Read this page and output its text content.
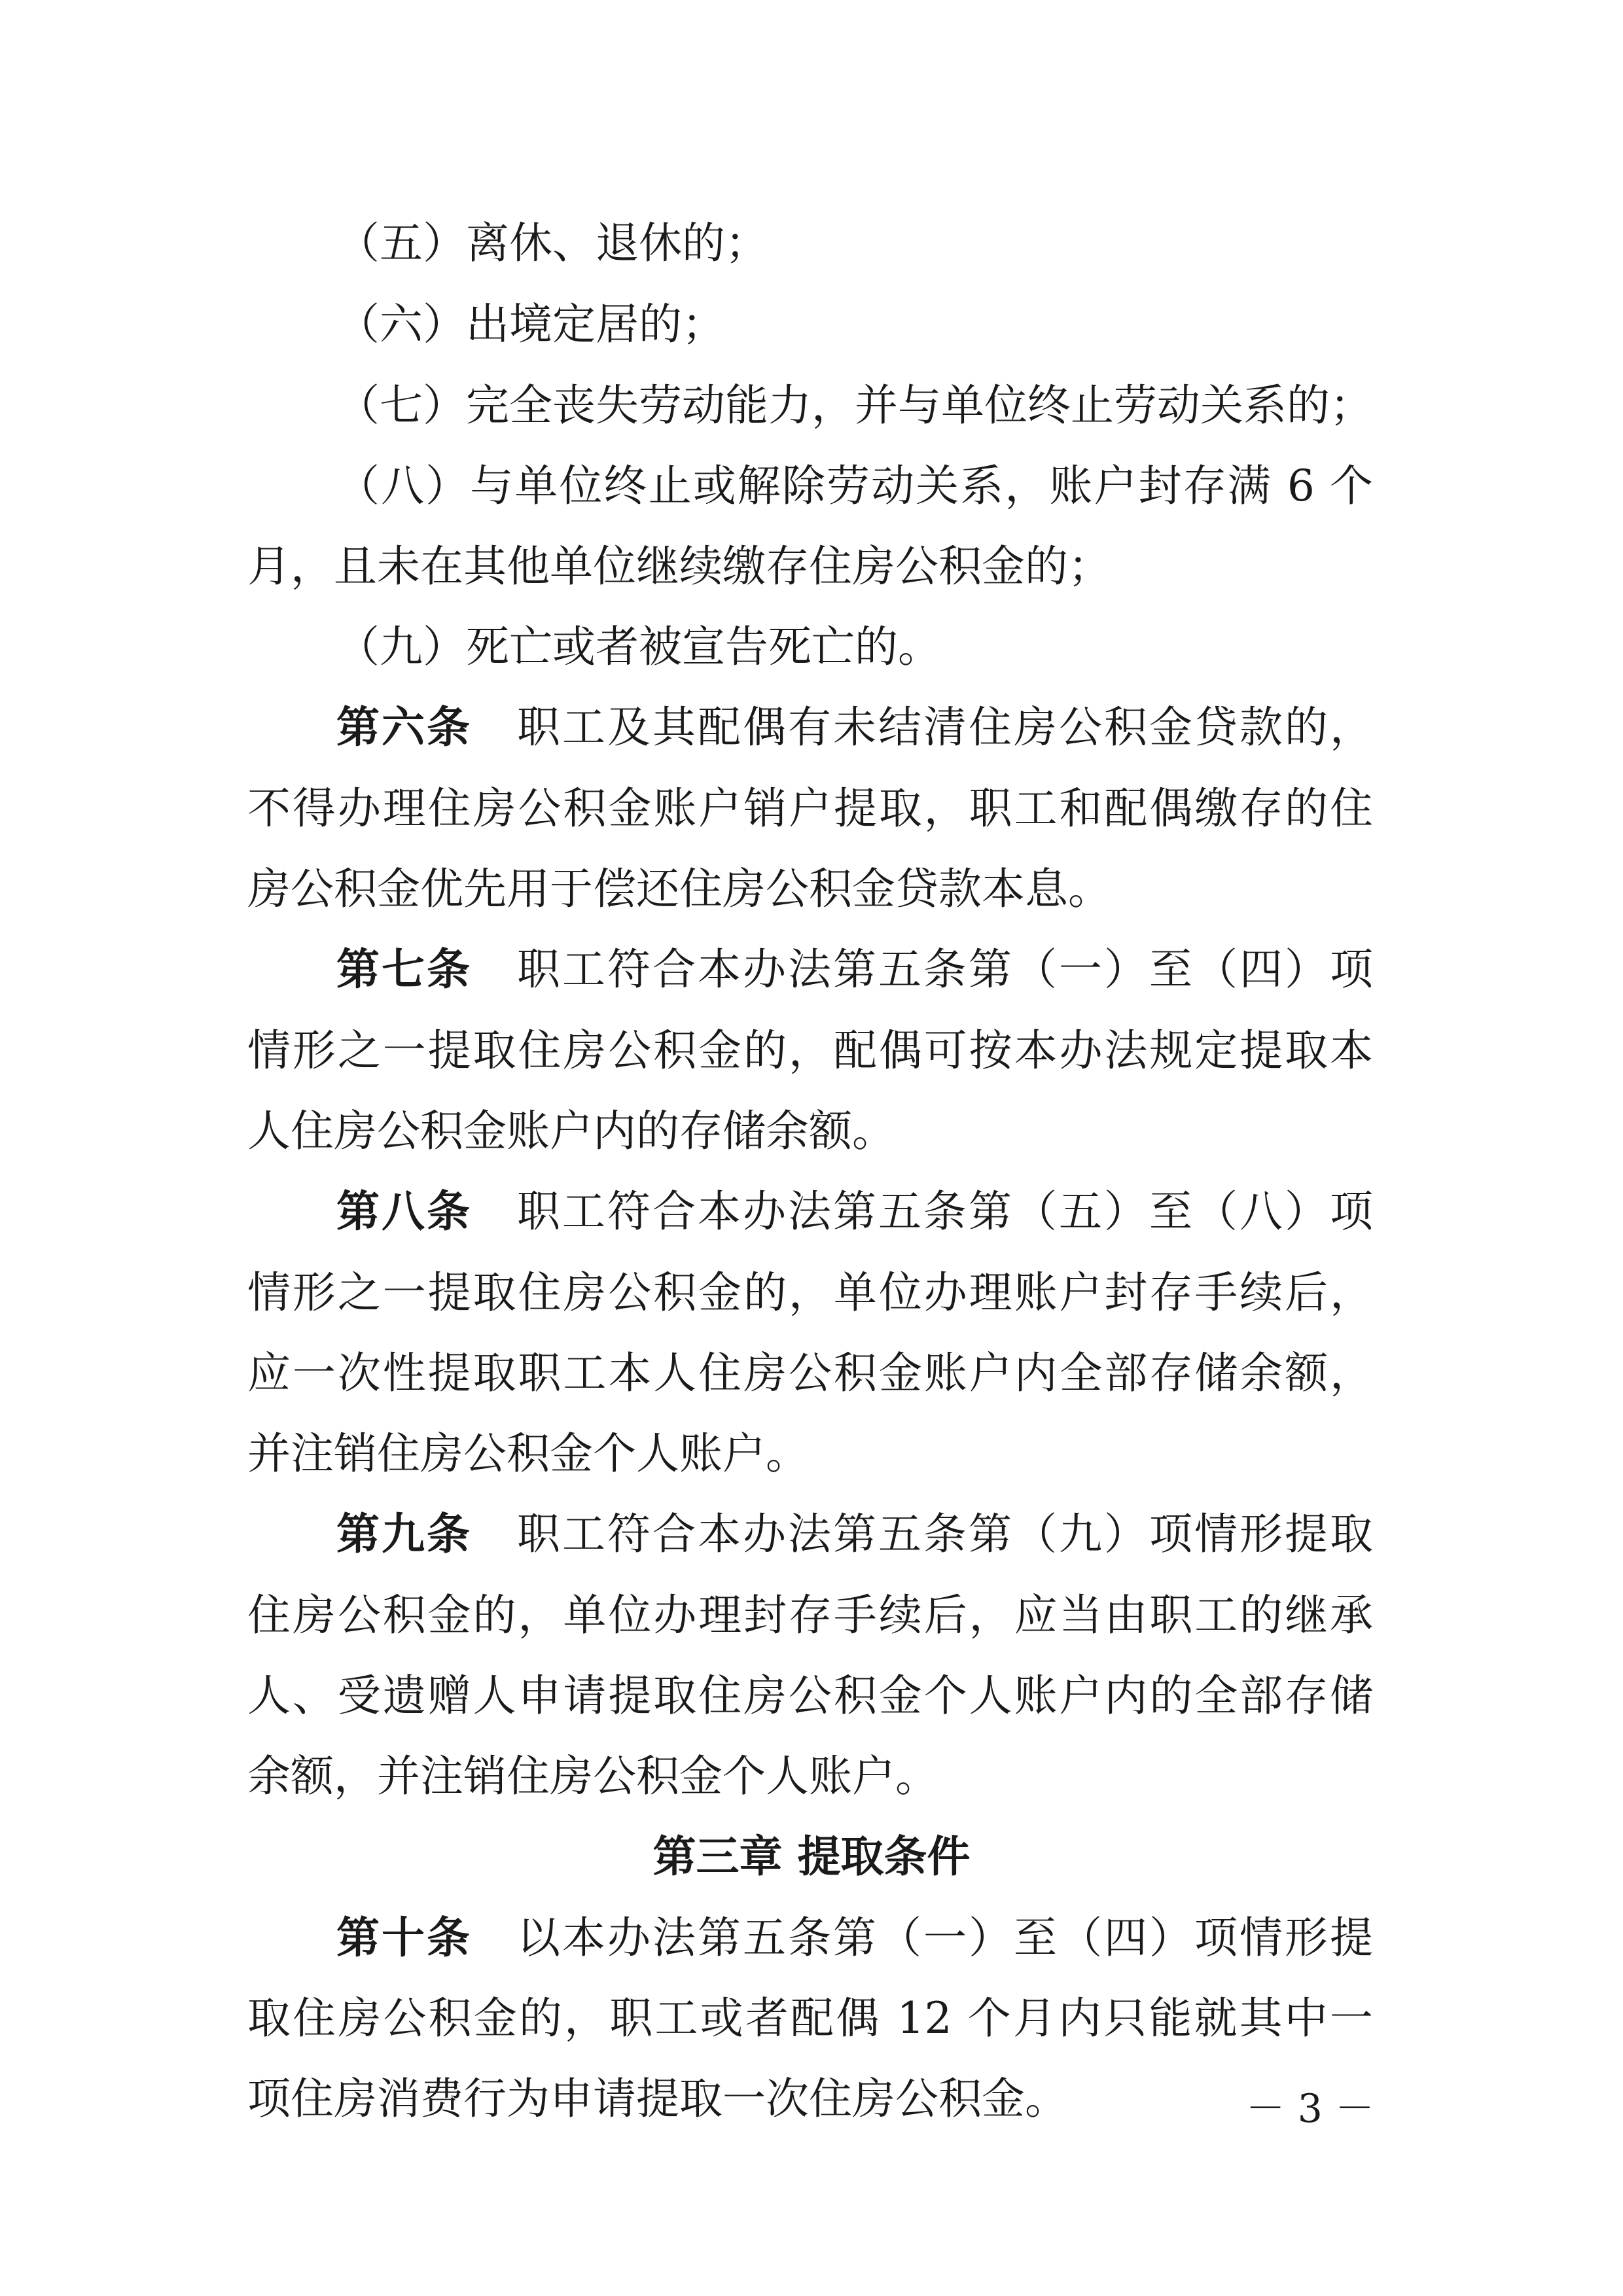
（五）离休、退休的；
（六）出境定居的；
（七）完全丧失劳动能力，并与单位终止劳动关系的；
（八）与单位终止或解除劳动关系，账户封存满 6 个
月，且未在其他单位继续缴存住房公积金的；
（九）死亡或者被宣告死亡的。
第六条  职工及其配偶有未结清住房公积金贷款的，
不得办理住房公积金账户销户提取，职工和配偶缴存的住
房公积金优先用于偿还住房公积金贷款本息。
第七条  职工符合本办法第五条第（一）至（四）项
情形之一提取住房公积金的，配偶可按本办法规定提取本
人住房公积金账户内的存储余额。
第八条  职工符合本办法第五条第（五）至（八）项
情形之一提取住房公积金的，单位办理账户封存手续后，
应一次性提取职工本人住房公积金账户内全部存储余额，
并注销住房公积金个人账户。
第九条  职工符合本办法第五条第（九）项情形提取
住房公积金的，单位办理封存手续后，应当由职工的继承
人、受遗赠人申请提取住房公积金个人账户内的全部存储
余额，并注销住房公积金个人账户。
第三章 提取条件
第十条  以本办法第五条第（一）至（四）项情形提
取住房公积金的，职工或者配偶 12 个月内只能就其中一
项住房消费行为申请提取一次住房公积金。	－ 3 －
